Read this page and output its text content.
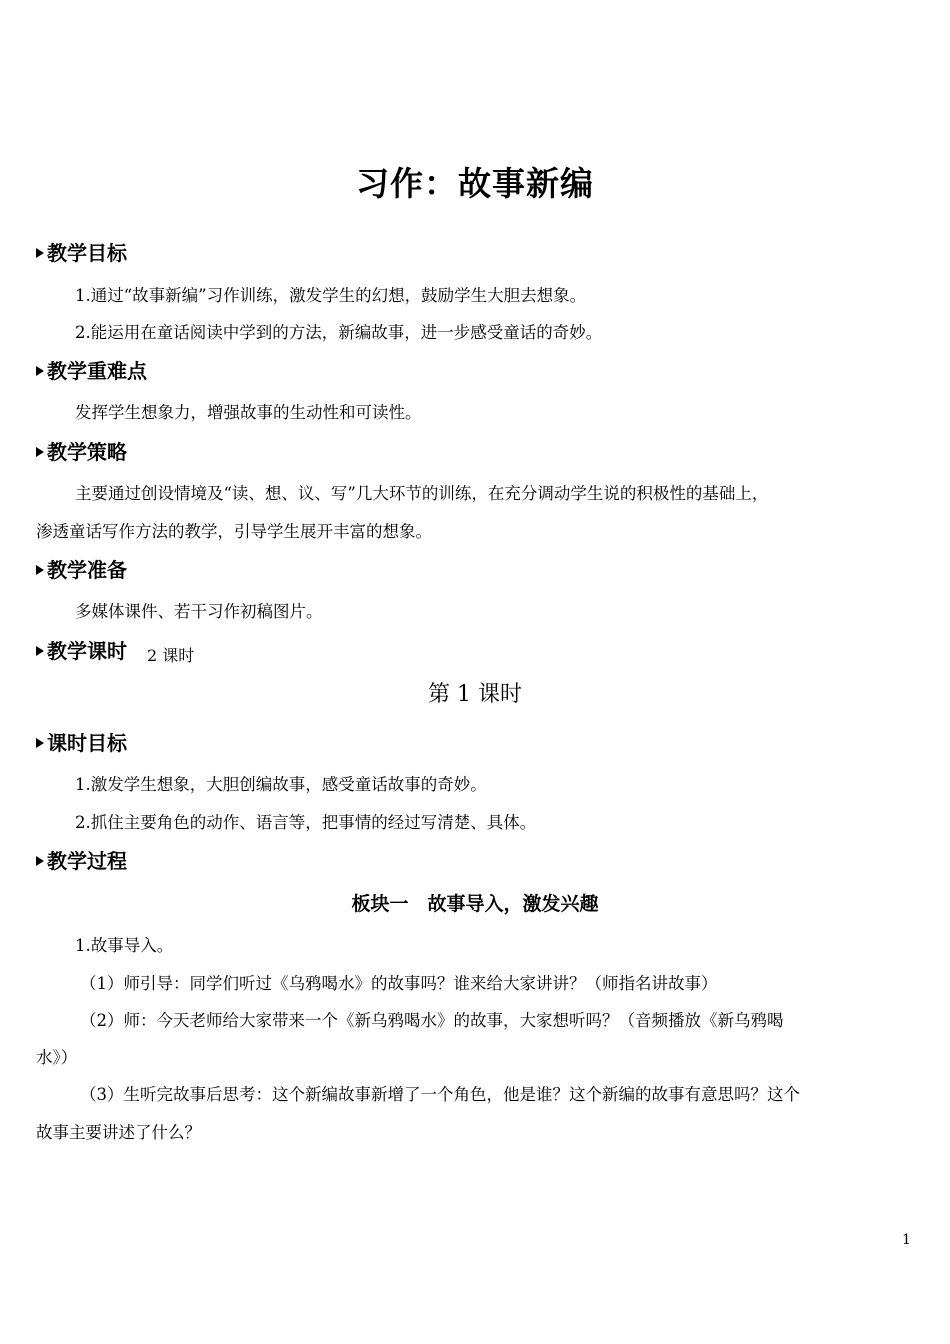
习作：故事新编
教学目标
1.通过“故事新编”习作训练，激发学生的幻想，鼓励学生大胆去想象。
2.能运用在童话阅读中学到的方法，新编故事，进一步感受童话的奇妙。
教学重难点
发挥学生想象力，增强故事的生动性和可读性。
教学策略
主要通过创设情境及“读、想、议、写”几大环节的训练，在充分调动学生说的积极性的基础上，
渗透童话写作方法的教学，引导学生展开丰富的想象。
教学准备
多媒体课件、若干习作初稿图片。
教学课时 2 课时
第 1 课时
课时目标
1.激发学生想象，大胆创编故事，感受童话故事的奇妙。
2.抓住主要角色的动作、语言等，把事情的经过写清楚、具体。
教学过程
板块一　故事导入，激发兴趣
1.故事导入。
（1）师引导：同学们听过《乌鸦喝水》的故事吗？谁来给大家讲讲？（师指名讲故事）
（2）师：今天老师给大家带来一个《新乌鸦喝水》的故事，大家想听吗？（音频播放《新乌鸦喝
水》）
（3）生听完故事后思考：这个新编故事新增了一个角色，他是谁？这个新编的故事有意思吗？这个
故事主要讲述了什么？
1
